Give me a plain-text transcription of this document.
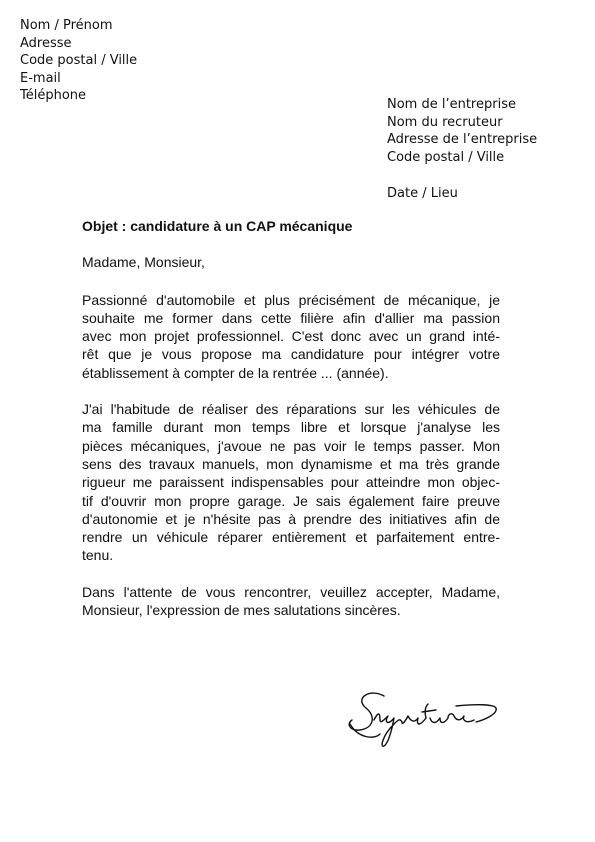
Nom / Prénom
Adresse
Code postal / Ville
E-mail
Téléphone
Nom de l’entreprise
Nom du recruteur
Adresse de l’entreprise
Code postal / Ville
Date / Lieu
Objet : candidature à un CAP mécanique
Madame, Monsieur,
Passionné d'automobile et plus précisément de mécanique, je
souhaite me former dans cette filière afin d'allier ma passion
avec mon projet professionnel. C'est donc avec un grand inté-
rêt que je vous propose ma candidature pour intégrer votre
établissement à compter de la rentrée ... (année).
J'ai l'habitude de réaliser des réparations sur les véhicules de
ma famille durant mon temps libre et lorsque j'analyse les
pièces mécaniques, j'avoue ne pas voir le temps passer. Mon
sens des travaux manuels, mon dynamisme et ma très grande
rigueur me paraissent indispensables pour atteindre mon objec-
tif d'ouvrir mon propre garage. Je sais également faire preuve
d'autonomie et je n'hésite pas à prendre des initiatives afin de
rendre un véhicule réparer entièrement et parfaitement entre-
tenu.
Dans l'attente de vous rencontrer, veuillez accepter, Madame,
Monsieur, l'expression de mes salutations sincères.
